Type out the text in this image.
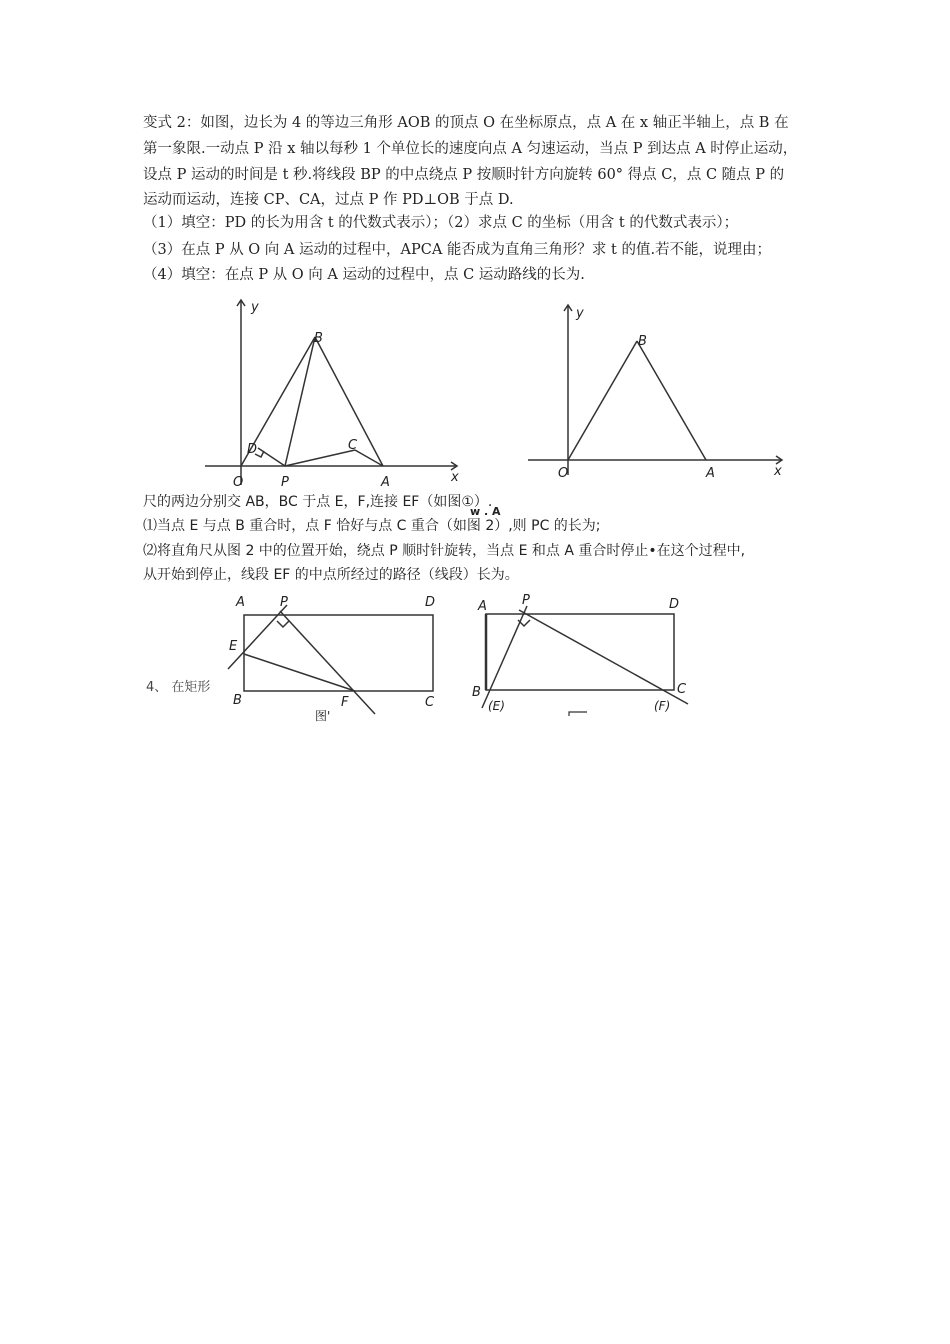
变式 2：如图，边长为 4 的等边三角形 AOB 的顶点 O 在坐标原点，点 A 在 x 轴正半轴上，点 B 在
第一象限.一动点 P 沿 x 轴以每秒 1 个单位长的速度向点 A 匀速运动，当点 P 到达点 A 时停止运动，
设点 P 运动的时间是 t 秒.将线段 BP 的中点绕点 P 按顺时针方向旋转 60° 得点 C，点 C 随点 P 的
运动而运动，连接 CP、CA，过点 P 作 PD⊥OB 于点 D.
（1）填空：PD 的长为用含 t 的代数式表示）；（2）求点 C 的坐标（用含 t 的代数式表示）；
（3）在点 P 从 O 向 A 运动的过程中，APCA 能否成为直角三角形？求 t 的值.若不能，说理由；
（4）填空：在点 P 从 O 向 A 运动的过程中，点 C 运动路线的长为.
y
x
B
D	C
O	P	A
y
x
B
O	A
尺的两边分别交 AB，BC 于点 E，F,连接 EF（如图①）.
⑴当点 E 与点 B 重合时，点 F 恰好与点 C 重合（如图 2）,则 PC 的长为;
⑵将直角尺从图 2 中的位置开始，绕点 P 顺时针旋转，当点 E 和点 A 重合时停止•在这个过程中,
从开始到停止，线段 EF 的中点所经过的路径（线段）长为。
w . A
4、 在矩形
A	P	D
E
B	F	C
图'
A	P	D
B
(E)
C
(F)
